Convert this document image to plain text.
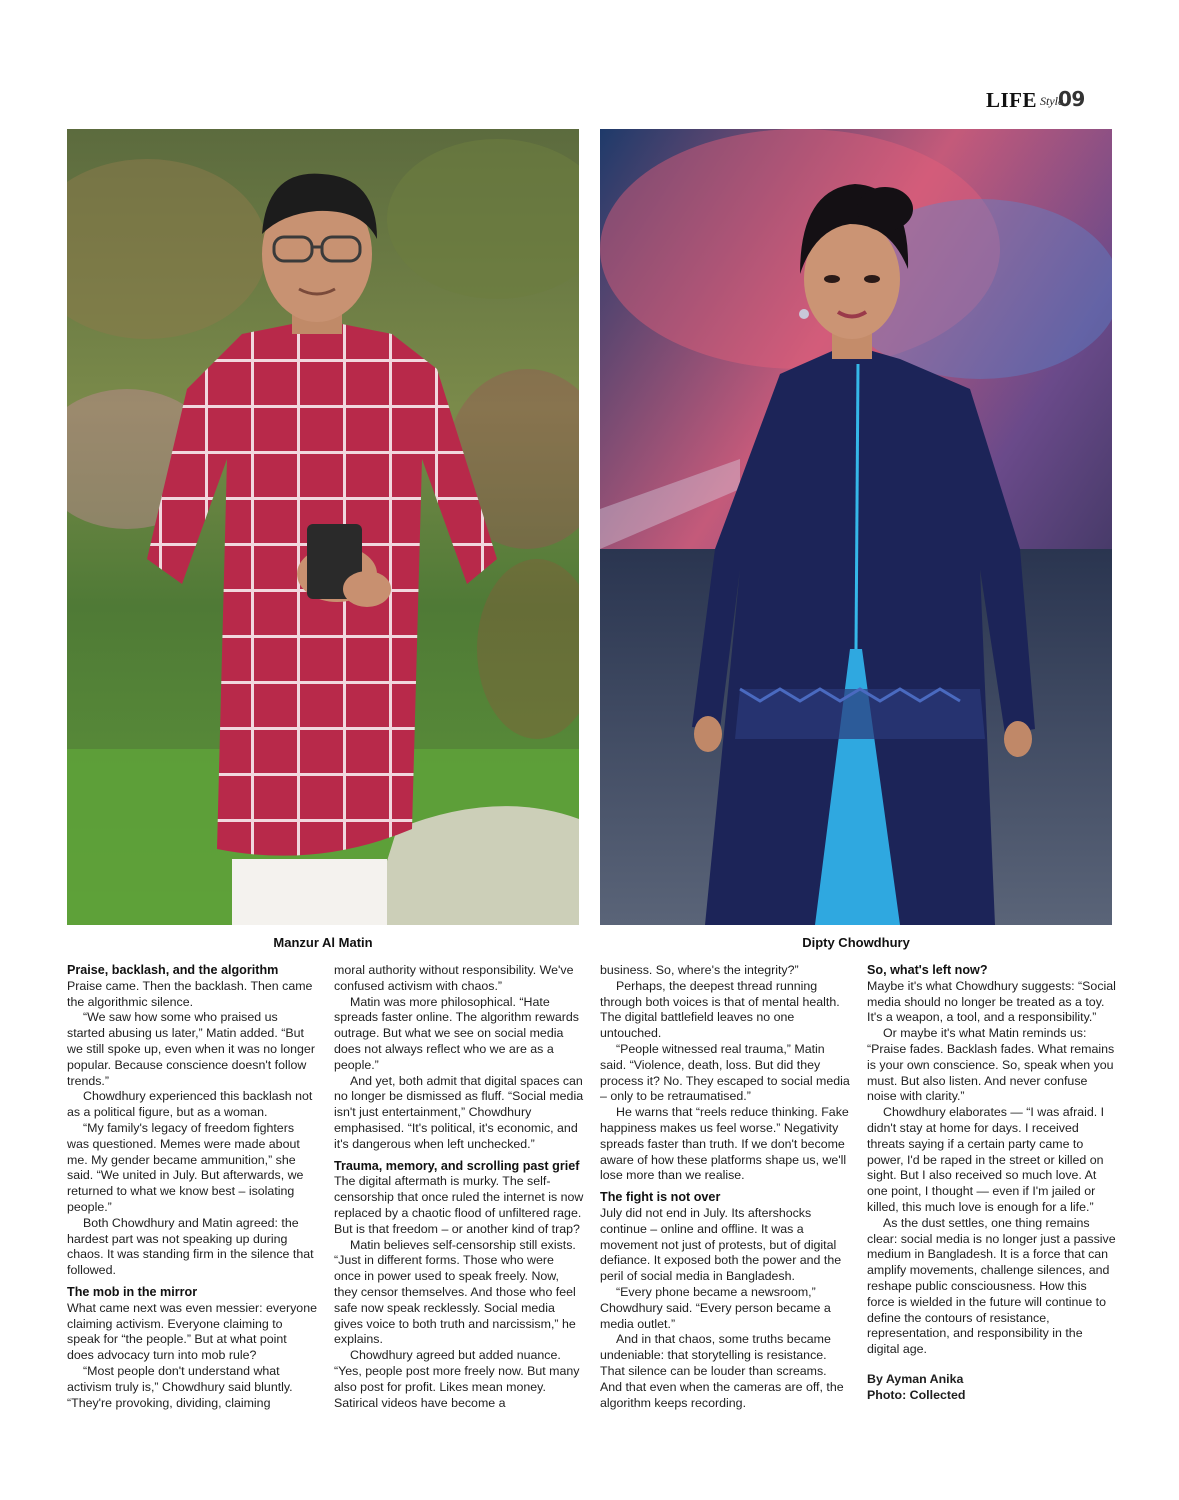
LIFE Style
09
Manzur Al Matin	Dipty Chowdhury
Praise, backlash, and the algorithm

Praise came. Then the backlash. Then came the algorithmic silence.

“We saw how some who praised us started abusing us later,” Matin added. “But we still spoke up, even when it was no longer popular. Because conscience doesn't follow trends.”

Chowdhury experienced this backlash not as a political figure, but as a woman.

“My family's legacy of freedom fighters was questioned. Memes were made about me. My gender became ammunition,” she said. “We united in July. But afterwards, we returned to what we know best – isolating people.”

Both Chowdhury and Matin agreed: the hardest part was not speaking up during chaos. It was standing firm in the silence that followed.

The mob in the mirror

What came next was even messier: everyone claiming activism. Everyone claiming to speak for “the people.” But at what point does advocacy turn into mob rule?

“Most people don't understand what activism truly is,” Chowdhury said bluntly. “They're provoking, dividing, claiming

moral authority without responsibility. We've confused activism with chaos.”

Matin was more philosophical. “Hate spreads faster online. The algorithm rewards outrage. But what we see on social media does not always reflect who we are as a people.”

And yet, both admit that digital spaces can no longer be dismissed as fluff. “Social media isn't just entertainment,” Chowdhury emphasised. “It's political, it's economic, and it's dangerous when left unchecked.”

Trauma, memory, and scrolling past grief

The digital aftermath is murky. The self-censorship that once ruled the internet is now replaced by a chaotic flood of unfiltered rage. But is that freedom – or another kind of trap?

Matin believes self-censorship still exists. “Just in different forms. Those who were once in power used to speak freely. Now, they censor themselves. And those who feel safe now speak recklessly. Social media gives voice to both truth and narcissism,” he explains.

Chowdhury agreed but added nuance. “Yes, people post more freely now. But many also post for profit. Likes mean money. Satirical videos have become a

business. So, where's the integrity?”

Perhaps, the deepest thread running through both voices is that of mental health. The digital battlefield leaves no one untouched.

“People witnessed real trauma,” Matin said. “Violence, death, loss. But did they process it? No. They escaped to social media – only to be retraumatised.”

He warns that “reels reduce thinking. Fake happiness makes us feel worse.” Negativity spreads faster than truth. If we don't become aware of how these platforms shape us, we'll lose more than we realise.

The fight is not over

July did not end in July. Its aftershocks continue – online and offline. It was a movement not just of protests, but of digital defiance. It exposed both the power and the peril of social media in Bangladesh.

“Every phone became a newsroom,” Chowdhury said. “Every person became a media outlet.”

And in that chaos, some truths became undeniable: that storytelling is resistance. That silence can be louder than screams. And that even when the cameras are off, the algorithm keeps recording.

So, what's left now?

Maybe it's what Chowdhury suggests: “Social media should no longer be treated as a toy. It's a weapon, a tool, and a responsibility.”

Or maybe it's what Matin reminds us: “Praise fades. Backlash fades. What remains is your own conscience. So, speak when you must. But also listen. And never confuse noise with clarity.”

Chowdhury elaborates — “I was afraid. I didn't stay at home for days. I received threats saying if a certain party came to power, I'd be raped in the street or killed on sight. But I also received so much love. At one point, I thought — even if I'm jailed or killed, this much love is enough for a life.”

As the dust settles, one thing remains clear: social media is no longer just a passive medium in Bangladesh. It is a force that can amplify movements, challenge silences, and reshape public consciousness. How this force is wielded in the future will continue to define the contours of resistance, representation, and responsibility in the digital age.

By Ayman Anika
Photo: Collected
